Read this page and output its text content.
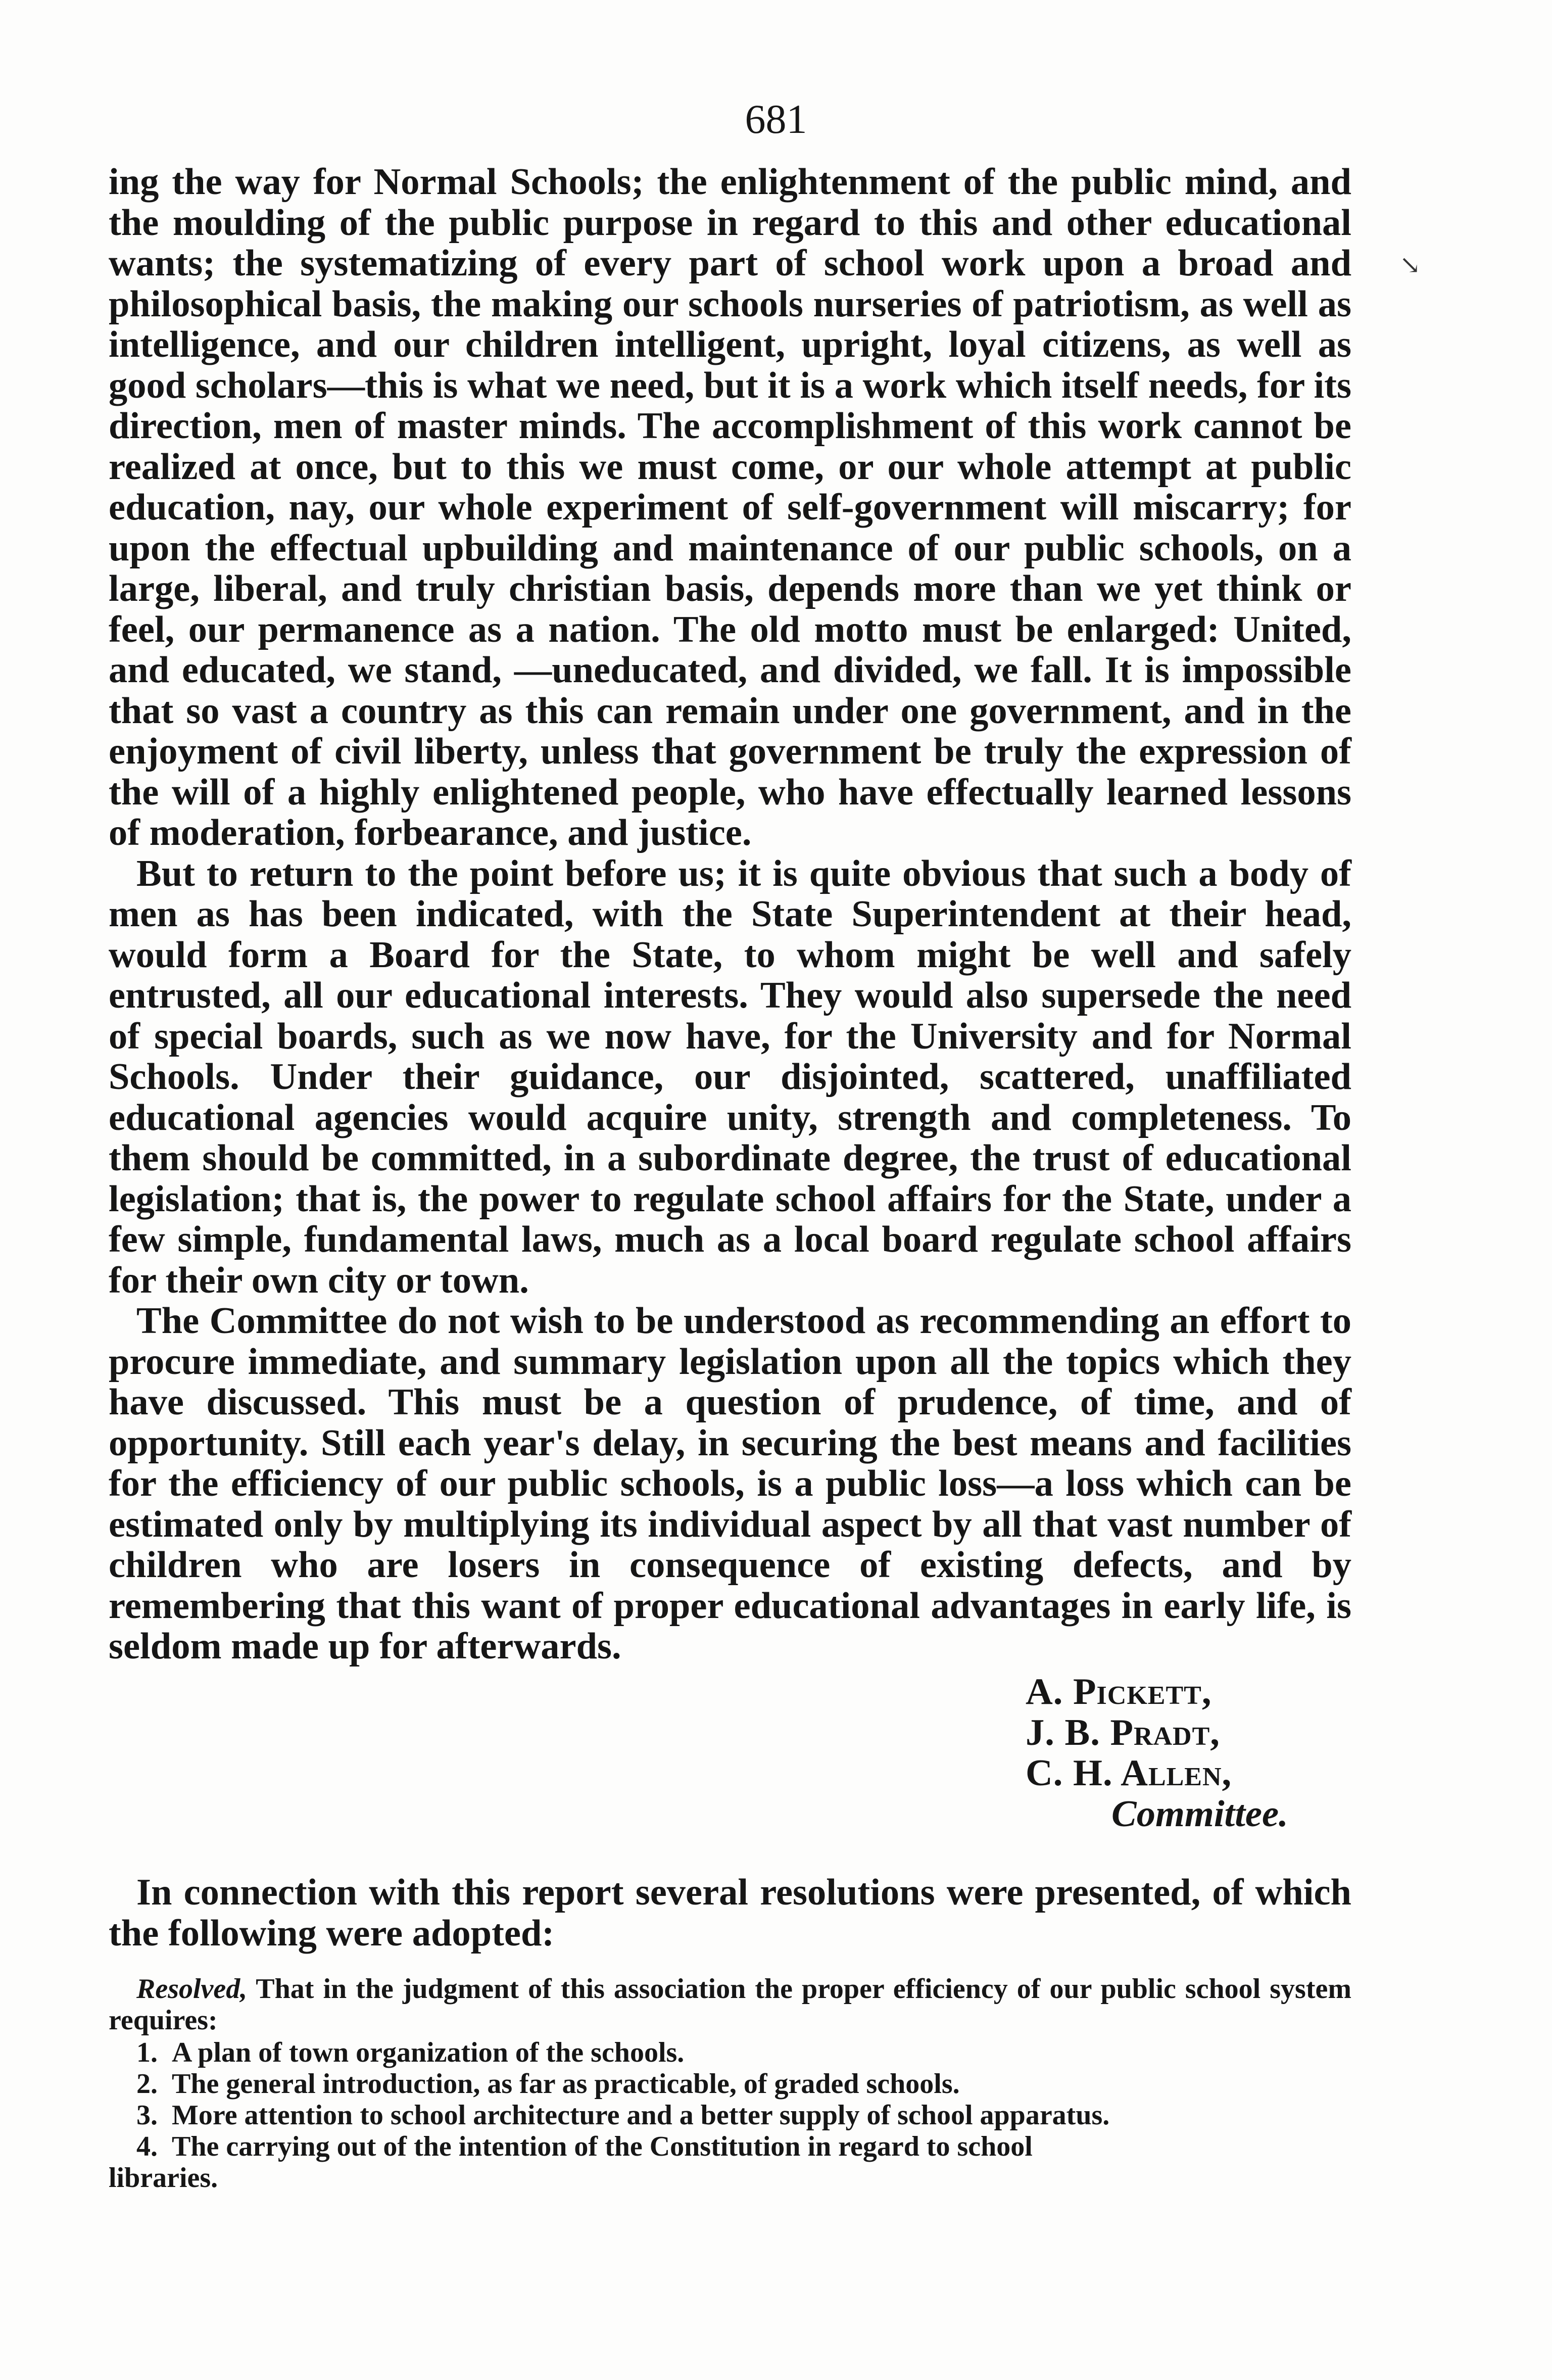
681
↘

ing the way for Normal Schools; the enlightenment of the public mind, and the moulding of the public purpose in regard to this and other educational wants; the systematizing of every part of school work upon a broad and philosophical basis, the making our schools nurseries of patriotism, as well as intelligence, and our children intelligent, upright, loyal citizens, as well as good scholars—this is what we need, but it is a work which itself needs, for its direction, men of master minds. The accomplishment of this work cannot be realized at once, but to this we must come, or our whole attempt at public education, nay, our whole experiment of self-government will miscarry; for upon the effectual upbuilding and maintenance of our public schools, on a large, liberal, and truly christian basis, depends more than we yet think or feel, our permanence as a nation. The old motto must be enlarged: United, and educated, we stand, —uneducated, and divided, we fall. It is impossible that so vast a country as this can remain under one government, and in the enjoyment of civil liberty, unless that government be truly the expression of the will of a highly enlightened people, who have effectually learned lessons of moderation, forbearance, and justice.

But to return to the point before us; it is quite obvious that such a body of men as has been indicated, with the State Superintendent at their head, would form a Board for the State, to whom might be well and safely entrusted, all our educational interests. They would also supersede the need of special boards, such as we now have, for the University and for Normal Schools. Under their guidance, our disjointed, scattered, unaffiliated educational agencies would acquire unity, strength and completeness. To them should be committed, in a subordinate degree, the trust of educational legislation; that is, the power to regulate school affairs for the State, under a few simple, fundamental laws, much as a local board regulate school affairs for their own city or town.

The Committee do not wish to be understood as recommending an effort to procure immediate, and summary legislation upon all the topics which they have discussed. This must be a question of prudence, of time, and of opportunity. Still each year's delay, in securing the best means and facilities for the efficiency of our public schools, is a public loss—a loss which can be estimated only by multiplying its individual aspect by all that vast number of children who are losers in consequence of existing defects, and by remembering that this want of proper educational advantages in early life, is seldom made up for afterwards.

A. Pickett,
J. B. Pradt,
C. H. Allen,
Committee.
In connection with this report several resolutions were presented, of which the following were adopted:

Resolved, That in the judgment of this association the proper efficiency of our public school system requires:

1. A plan of town organization of the schools.
2. The general introduction, as far as practicable, of graded schools.
3. More attention to school architecture and a better supply of school apparatus.
4. The carrying out of the intention of the Constitution in regard to school

libraries.
